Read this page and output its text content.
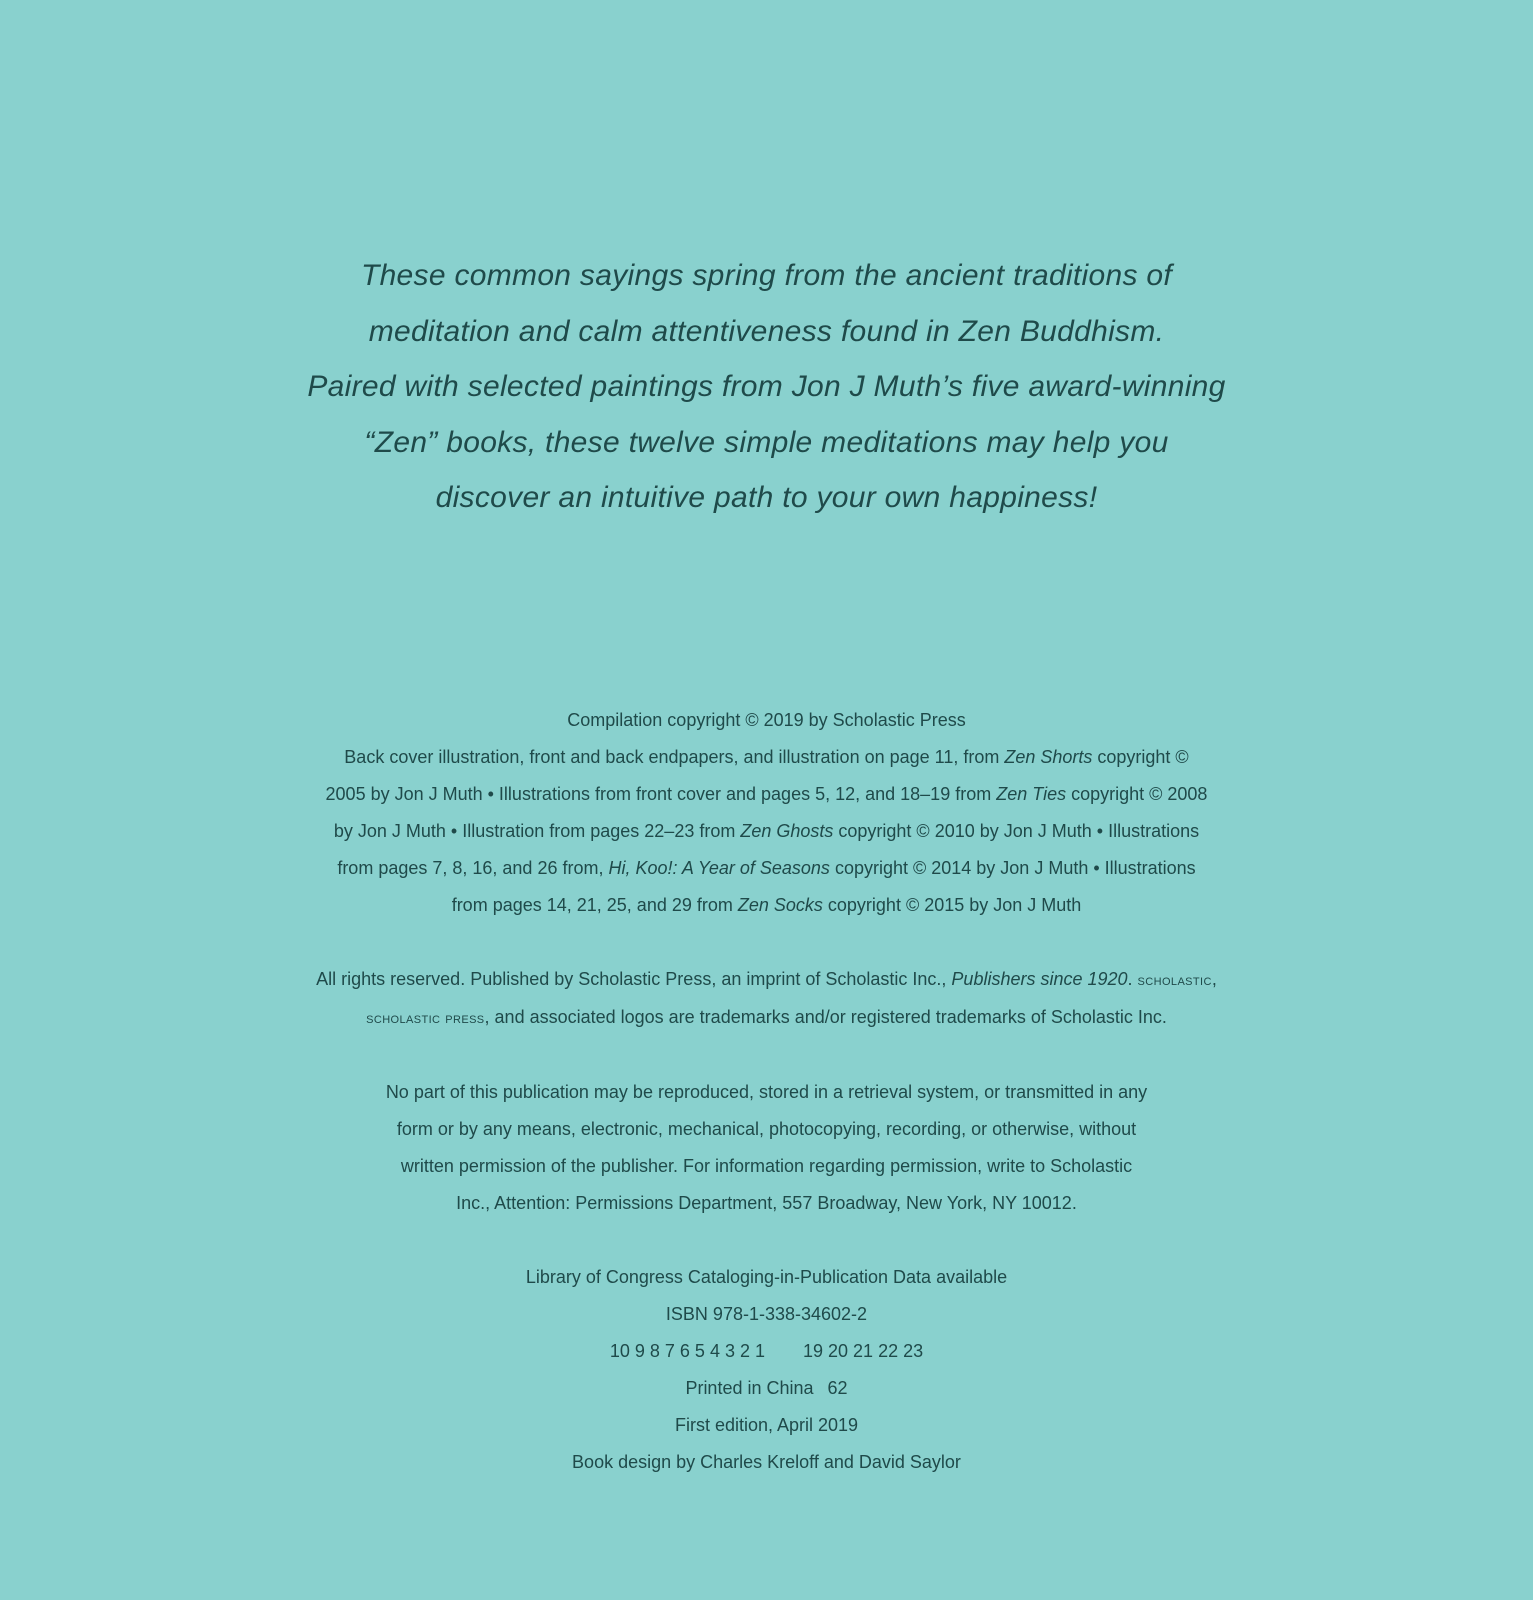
These common sayings spring from the ancient traditions of

meditation and calm attentiveness found in Zen Buddhism.

Paired with selected paintings from Jon J Muth’s five award-winning

“Zen” books, these twelve simple meditations may help you

discover an intuitive path to your own happiness!

Compilation copyright © 2019 by Scholastic Press
Back cover illustration, front and back endpapers, and illustration on page 11, from Zen Shorts copyright ©
2005 by Jon J Muth • Illustrations from front cover and pages 5, 12, and 18–19 from Zen Ties copyright © 2008
by Jon J Muth • Illustration from pages 22–23 from Zen Ghosts copyright © 2010 by Jon J Muth • Illustrations
from pages 7, 8, 16, and 26 from, Hi, Koo!: A Year of Seasons copyright © 2014 by Jon J Muth • Illustrations
from pages 14, 21, 25, and 29 from Zen Socks copyright © 2015 by Jon J Muth
All rights reserved. Published by Scholastic Press, an imprint of Scholastic Inc., Publishers since 1920. scholastic,
scholastic press, and associated logos are trademarks and/or registered trademarks of Scholastic Inc.
No part of this publication may be reproduced, stored in a retrieval system, or transmitted in any
form or by any means, electronic, mechanical, photocopying, recording, or otherwise, without
written permission of the publisher. For information regarding permission, write to Scholastic
Inc., Attention: Permissions Department, 557 Broadway, New York, NY 10012.
Library of Congress Cataloging-in-Publication Data available
ISBN 978-1-338-34602-2
10 9 8 7 6 5 4 3 2 1 19 20 21 22 23
Printed in China 62
First edition, April 2019
Book design by Charles Kreloff and David Saylor
